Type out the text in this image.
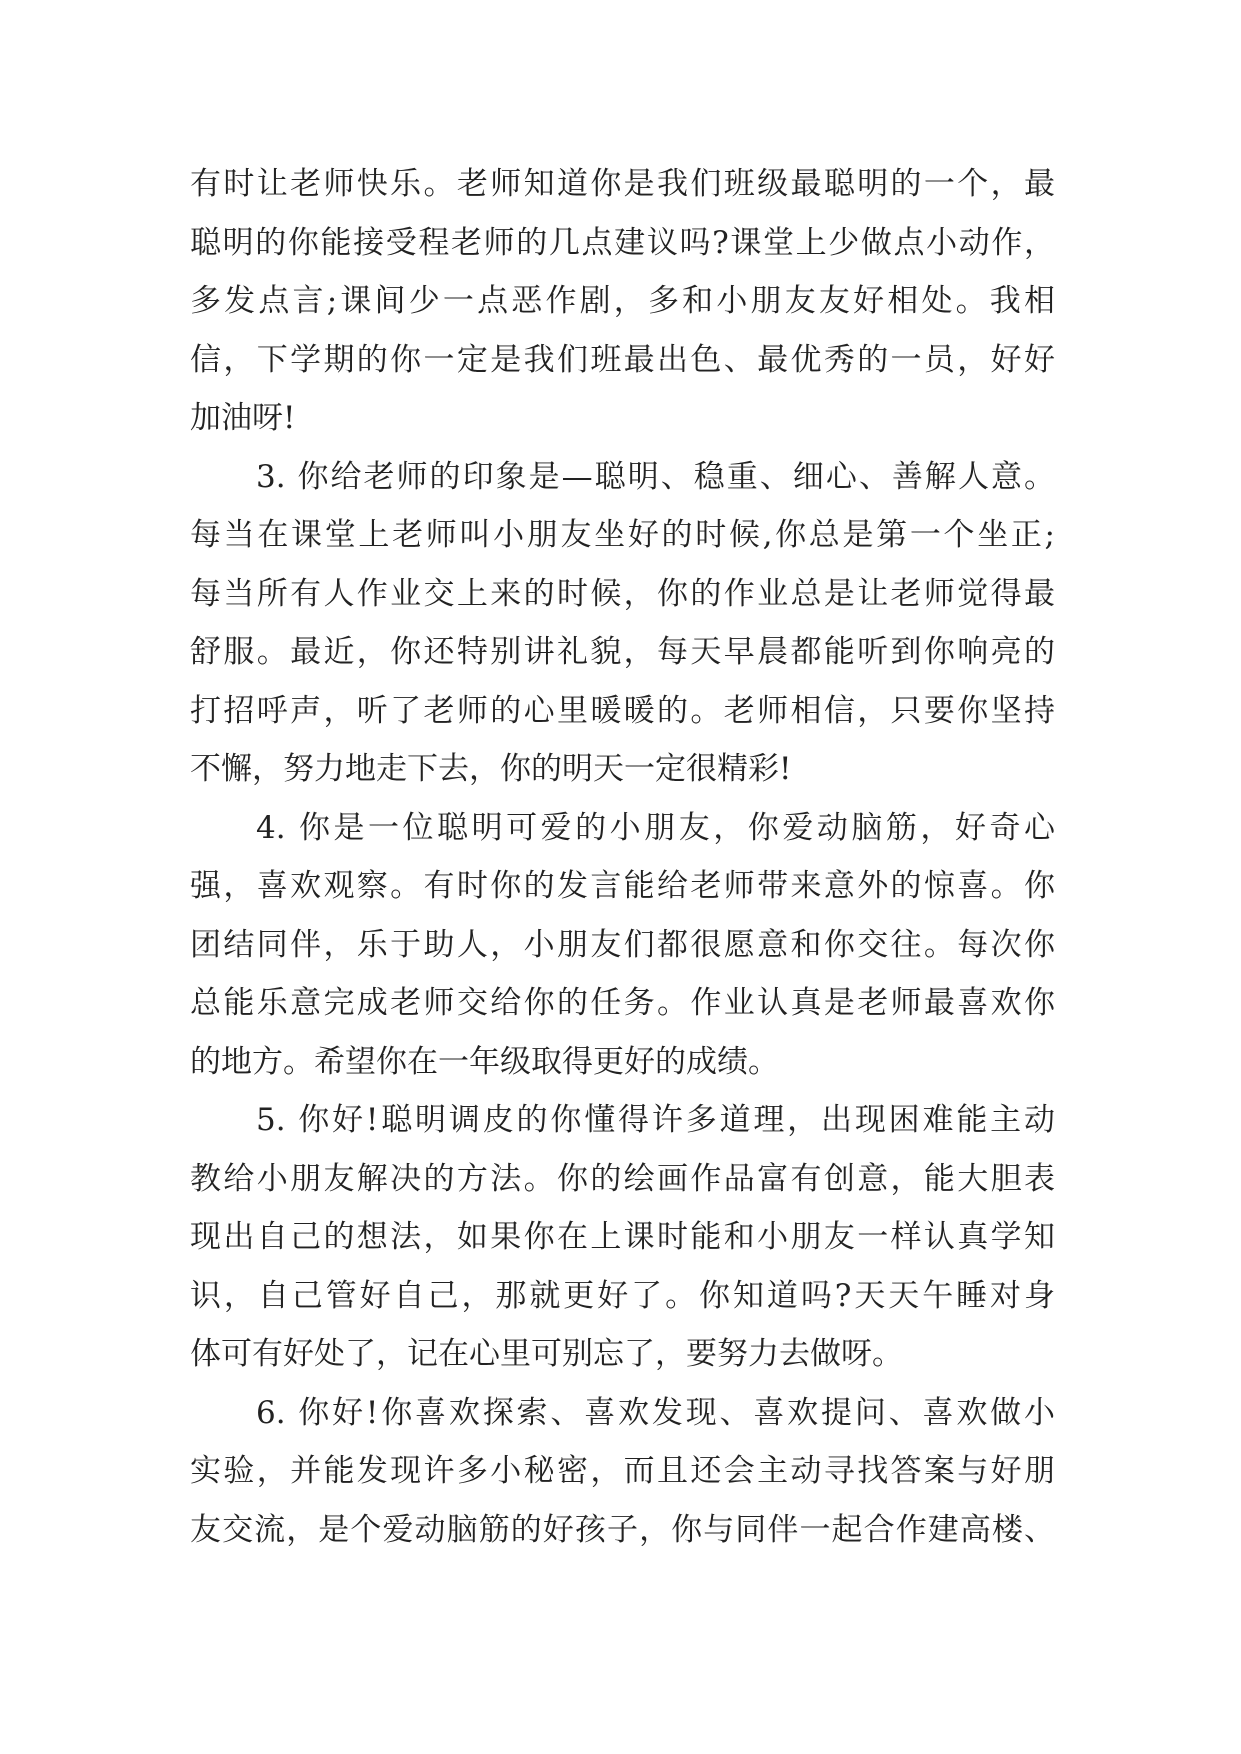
有时让老师快乐。老师知道你是我们班级最聪明的一个，最
聪明的你能接受程老师的几点建议吗?课堂上少做点小动作，
多发点言;课间少一点恶作剧，多和小朋友友好相处。我相
信，下学期的你一定是我们班最出色、最优秀的一员，好好
加油呀!
3. 你给老师的印象是—聪明、稳重、细心、善解人意。
每当在课堂上老师叫小朋友坐好的时候,你总是第一个坐正;
每当所有人作业交上来的时候，你的作业总是让老师觉得最
舒服。最近，你还特别讲礼貌，每天早晨都能听到你响亮的
打招呼声，听了老师的心里暖暖的。老师相信，只要你坚持
不懈，努力地走下去，你的明天一定很精彩!
4. 你是一位聪明可爱的小朋友，你爱动脑筋，好奇心
强，喜欢观察。有时你的发言能给老师带来意外的惊喜。你
团结同伴，乐于助人，小朋友们都很愿意和你交往。每次你
总能乐意完成老师交给你的任务。作业认真是老师最喜欢你
的地方。希望你在一年级取得更好的成绩。
5. 你好!聪明调皮的你懂得许多道理，出现困难能主动
教给小朋友解决的方法。你的绘画作品富有创意，能大胆表
现出自己的想法，如果你在上课时能和小朋友一样认真学知
识，自己管好自己，那就更好了。你知道吗?天天午睡对身
体可有好处了，记在心里可别忘了，要努力去做呀。
6. 你好!你喜欢探索、喜欢发现、喜欢提问、喜欢做小
实验，并能发现许多小秘密，而且还会主动寻找答案与好朋
友交流，是个爱动脑筋的好孩子，你与同伴一起合作建高楼、
